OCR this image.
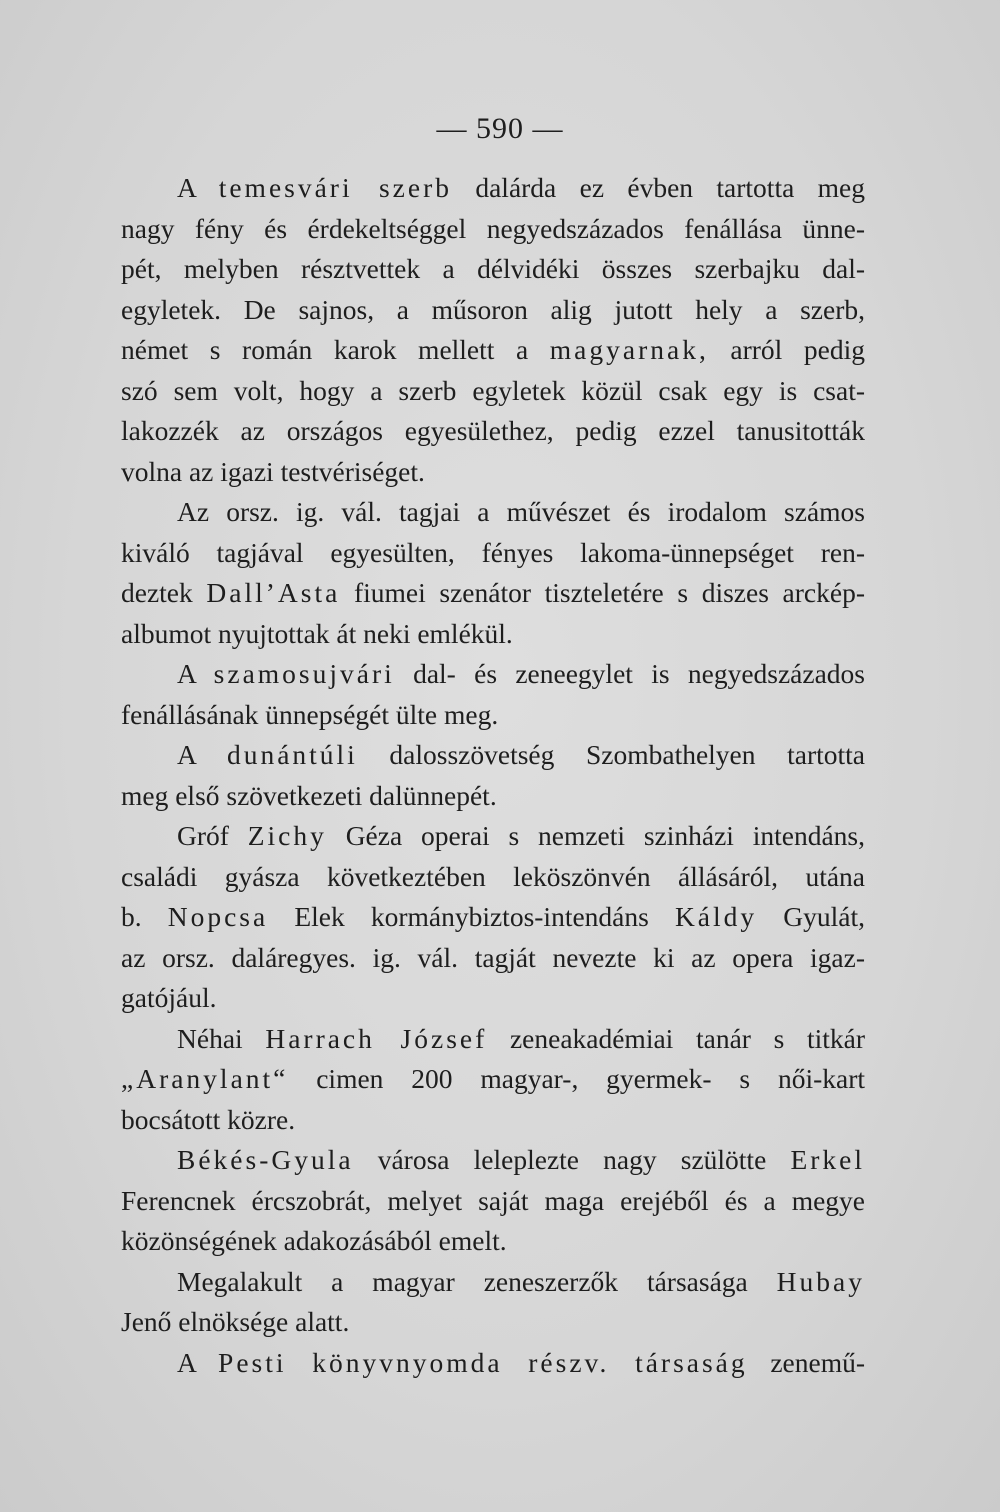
— 590 —
A temesvári szerb dalárda ez évben tartotta meg
nagy fény és érdekeltséggel negyedszázados fenállása ünne-
pét, melyben résztvettek a délvidéki összes szerbajku dal-
egyletek. De sajnos, a műsoron alig jutott hely a szerb,
német s román karok mellett a magyarnak, arról pedig
szó sem volt, hogy a szerb egyletek közül csak egy is csat-
lakozzék az országos egyesülethez, pedig ezzel tanusitották
volna az igazi testvériséget.
Az orsz. ig. vál. tagjai a művészet és irodalom számos
kiváló tagjával egyesülten, fényes lakoma-ünnepséget ren-
deztek Dall’Asta fiumei szenátor tiszteletére s diszes arckép-
albumot nyujtottak át neki emlékül.
A szamosujvári dal- és zeneegylet is negyedszázados
fenállásának ünnepségét ülte meg.
A dunántúli dalosszövetség Szombathelyen tartotta
meg első szövetkezeti dalünnepét.
Gróf Zichy Géza operai s nemzeti szinházi intendáns,
családi gyásza következtében leköszönvén állásáról, utána
b. Nopcsa Elek kormánybiztos-intendáns Káldy Gyulát,
az orsz. daláregyes. ig. vál. tagját nevezte ki az opera igaz-
gatójául.
Néhai Harrach József zeneakadémiai tanár s titkár
„Aranylant“ cimen 200 magyar-, gyermek- s női-kart
bocsátott közre.
Békés-Gyula városa leleplezte nagy szülötte Erkel
Ferencnek ércszobrát, melyet saját maga erejéből és a megye
közönségének adakozásából emelt.
Megalakult a magyar zeneszerzők társasága Hubay
Jenő elnöksége alatt.
A Pesti könyvnyomda részv. társaság zenemű-
